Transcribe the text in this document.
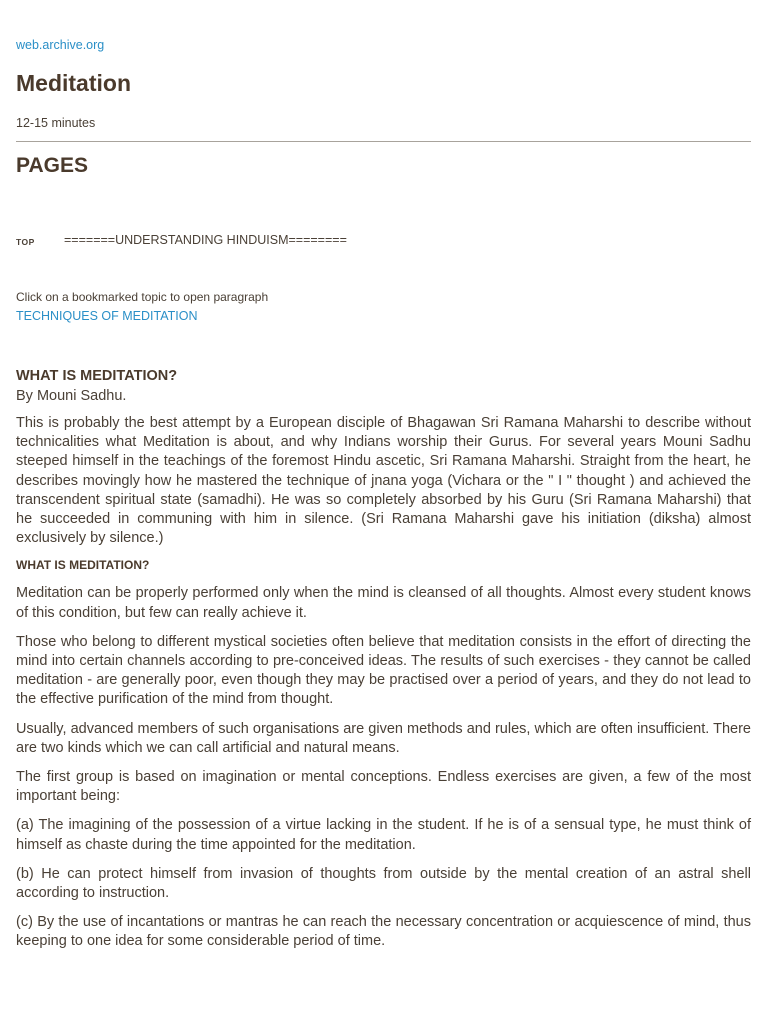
web.archive.org
Meditation
12-15 minutes
PAGES
TOP =======UNDERSTANDING HINDUISM========
Click on a bookmarked topic to open paragraph
TECHNIQUES OF MEDITATION
WHAT IS MEDITATION?

By Mouni Sadhu.

This is probably the best attempt by a European disciple of Bhagawan Sri Ramana Maharshi to describe without technicalities what Meditation is about, and why Indians worship their Gurus. For several years Mouni Sadhu steeped himself in the teachings of the foremost Hindu ascetic, Sri Ramana Maharshi. Straight from the heart, he describes movingly how he mastered the technique of jnana yoga (Vichara or the " I " thought ) and achieved the transcendent spiritual state (samadhi). He was so completely absorbed by his Guru (Sri Ramana Maharshi) that he succeeded in communing with him in silence. (Sri Ramana Maharshi gave his initiation (diksha) almost exclusively by silence.)

WHAT IS MEDITATION?

Meditation can be properly performed only when the mind is cleansed of all thoughts. Almost every student knows of this condition, but few can really achieve it.

Those who belong to different mystical societies often believe that meditation consists in the effort of directing the mind into certain channels according to pre-conceived ideas. The results of such exercises - they cannot be called meditation - are generally poor, even though they may be practised over a period of years, and they do not lead to the effective purification of the mind from thought.

Usually, advanced members of such organisations are given methods and rules, which are often insufficient. There are two kinds which we can call artificial and natural means.

The first group is based on imagination or mental conceptions. Endless exercises are given, a few of the most important being:

(a) The imagining of the possession of a virtue lacking in the student. If he is of a sensual type, he must think of himself as chaste during the time appointed for the meditation.

(b) He can protect himself from invasion of thoughts from outside by the mental creation of an astral shell according to instruction.

(c) By the use of incantations or mantras he can reach the necessary concentration or acquiescence of mind, thus keeping to one idea for some considerable period of time.
